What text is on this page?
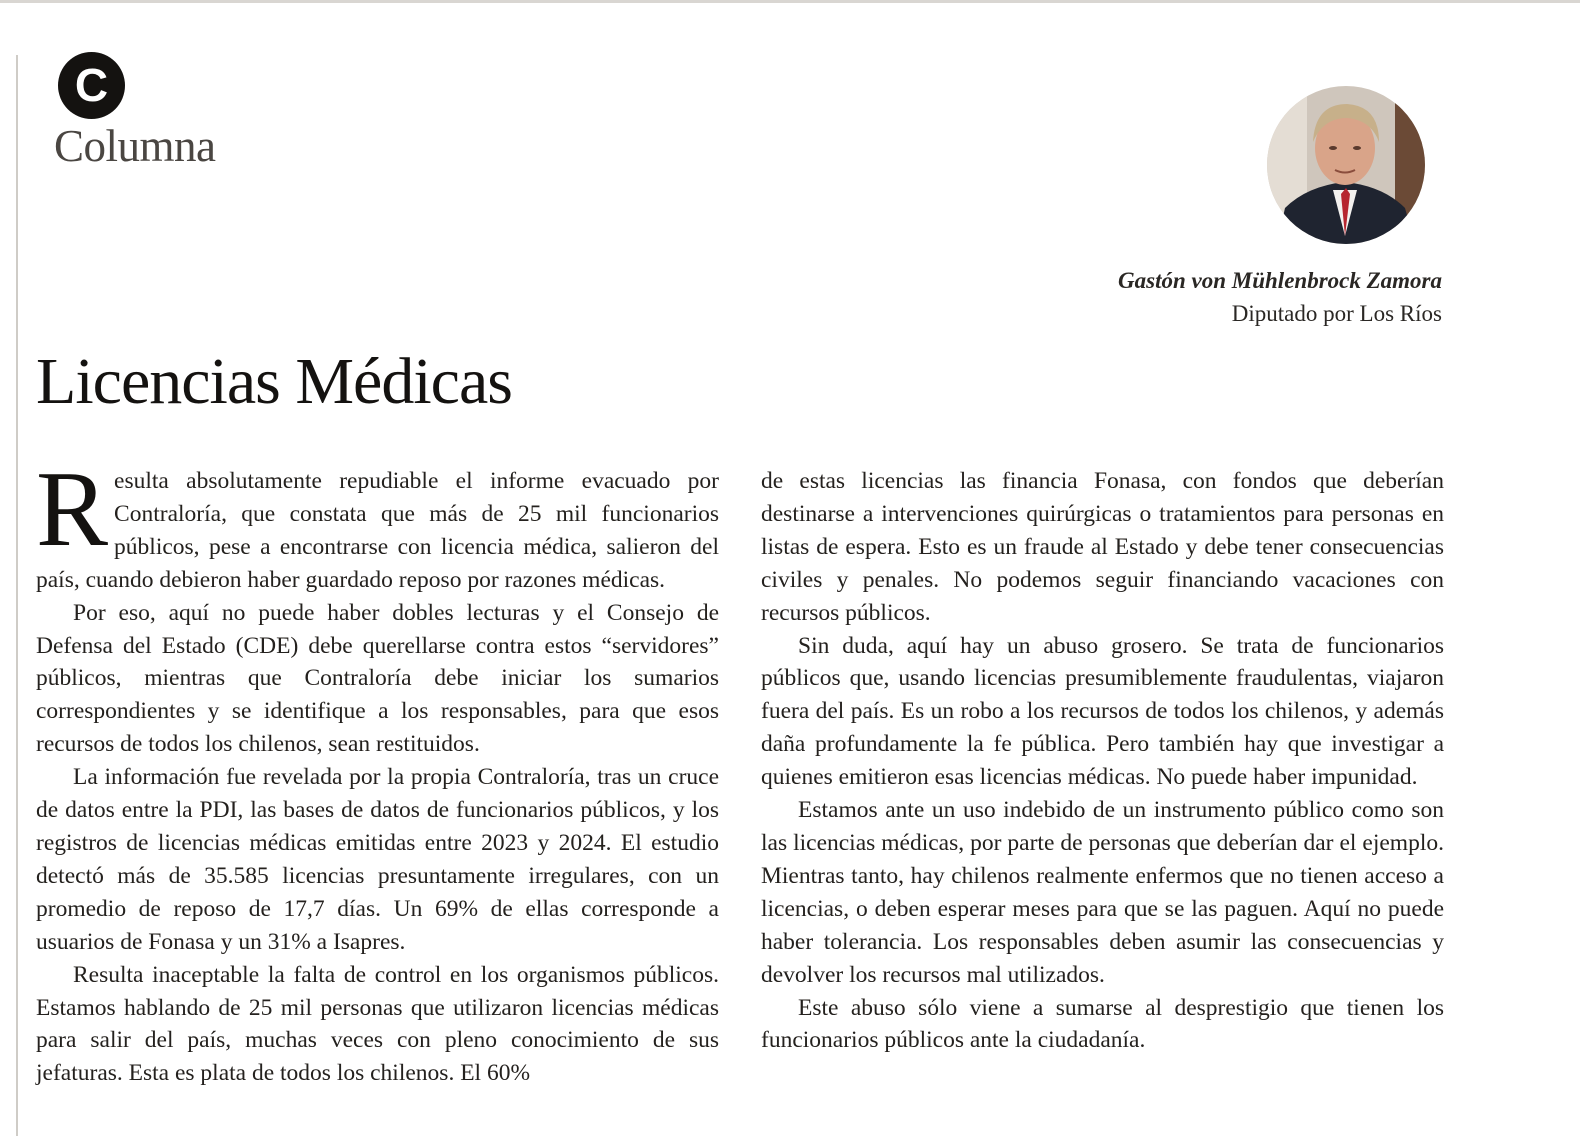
C
Columna
Gastón von Mühlenbrock Zamora
Diputado por Los Ríos
Licencias Médicas

Resulta absolutamente repudiable el informe evacuado por Contraloría, que constata que más de 25 mil funcionarios públicos, pese a encontrarse con licencia médica, salieron del país, cuando debieron haber guardado reposo por razones médicas.

Por eso, aquí no puede haber dobles lecturas y el Consejo de Defensa del Estado (CDE) debe querellarse contra estos “servidores” públicos, mientras que Contraloría debe iniciar los sumarios correspondientes y se identifique a los responsables, para que esos recursos de todos los chilenos, sean restituidos.

La información fue revelada por la propia Contraloría, tras un cruce de datos entre la PDI, las bases de datos de funcionarios públicos, y los registros de licencias médicas emitidas entre 2023 y 2024. El estudio detectó más de 35.585 licencias presuntamente irregulares, con un promedio de reposo de 17,7 días. Un 69% de ellas corresponde a usuarios de Fonasa y un 31% a Isapres.

Resulta inaceptable la falta de control en los organismos públicos. Estamos hablando de 25 mil personas que utilizaron licencias médicas para salir del país, muchas veces con pleno conocimiento de sus jefaturas. Esta es plata de todos los chilenos. El 60%

de estas licencias las financia Fonasa, con fondos que deberían destinarse a intervenciones quirúrgicas o tratamientos para personas en listas de espera. Esto es un fraude al Estado y debe tener consecuencias civiles y penales. No podemos seguir financiando vacaciones con recursos públicos.

Sin duda, aquí hay un abuso grosero. Se trata de funcionarios públicos que, usando licencias presumiblemente fraudulentas, viajaron fuera del país. Es un robo a los recursos de todos los chilenos, y además daña profundamente la fe pública. Pero también hay que investigar a quienes emitieron esas licencias médicas. No puede haber impunidad.

Estamos ante un uso indebido de un instrumento público como son las licencias médicas, por parte de personas que deberían dar el ejemplo. Mientras tanto, hay chilenos realmente enfermos que no tienen acceso a licencias, o deben esperar meses para que se las paguen. Aquí no puede haber tolerancia. Los responsables deben asumir las consecuencias y devolver los recursos mal utilizados.

Este abuso sólo viene a sumarse al desprestigio que tienen los funcionarios públicos ante la ciudadanía.
